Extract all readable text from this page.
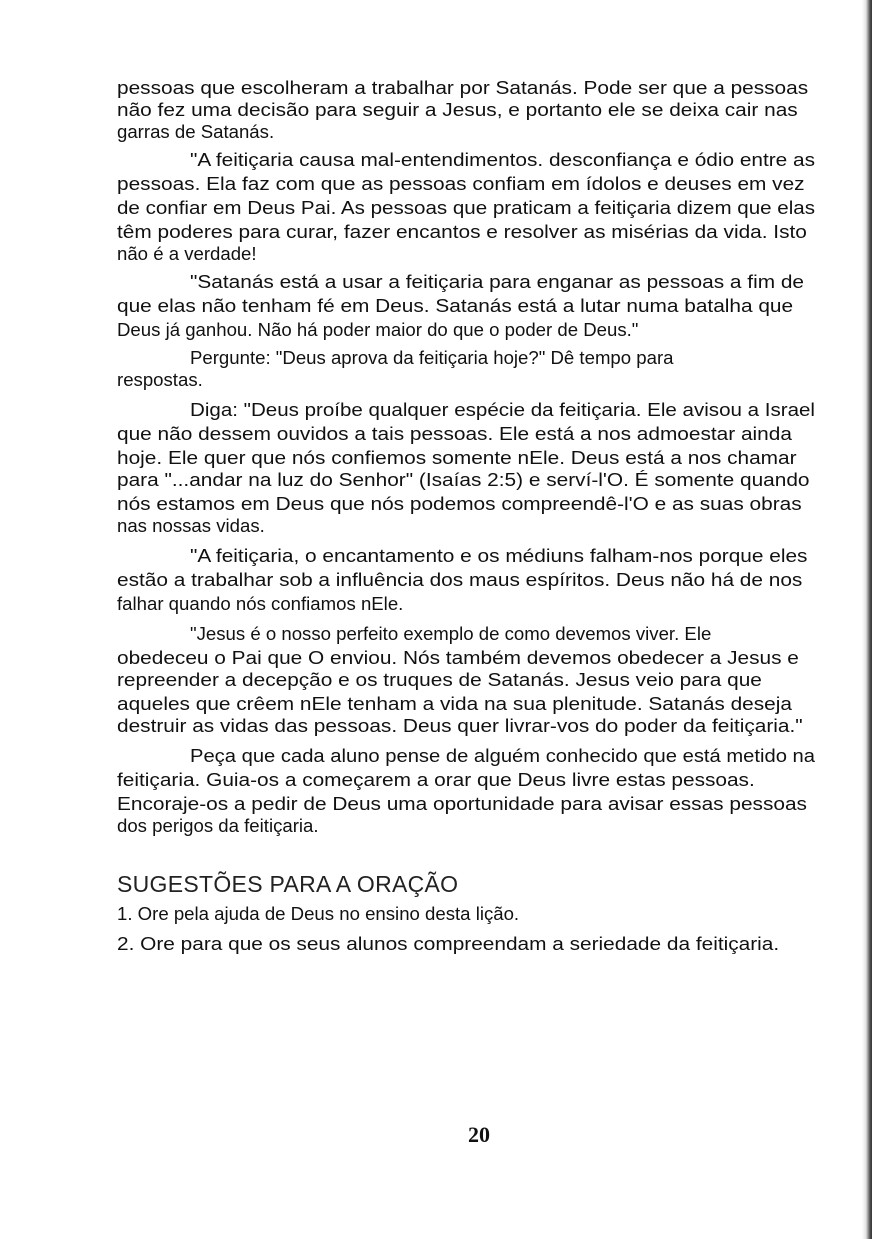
pessoas que escolheram a trabalhar por Satanás. Pode ser que a pessoas
não fez uma decisão para seguir a Jesus, e portanto ele se deixa cair nas
garras de Satanás.
"A feitiçaria causa mal-entendimentos. desconfiança e ódio entre as
pessoas. Ela faz com que as pessoas confiam em ídolos e deuses em vez
de confiar em Deus Pai. As pessoas que praticam a feitiçaria dizem que elas
têm poderes para curar, fazer encantos e resolver as misérias da vida. Isto
não é a verdade!
"Satanás está a usar a feitiçaria para enganar as pessoas a fim de
que elas não tenham fé em Deus. Satanás está a lutar numa batalha que
Deus já ganhou. Não há poder maior do que o poder de Deus."
Pergunte: "Deus aprova da feitiçaria hoje?" Dê tempo para
respostas.
Diga: "Deus proíbe qualquer espécie da feitiçaria. Ele avisou a Israel
que não dessem ouvidos a tais pessoas. Ele está a nos admoestar ainda
hoje. Ele quer que nós confiemos somente nEle. Deus está a nos chamar
para "...andar na luz do Senhor" (Isaías 2:5) e serví-l'O. É somente quando
nós estamos em Deus que nós podemos compreendê-l'O e as suas obras
nas nossas vidas.
"A feitiçaria, o encantamento e os médiuns falham-nos porque eles
estão a trabalhar sob a influência dos maus espíritos. Deus não há de nos
falhar quando nós confiamos nEle.
"Jesus é o nosso perfeito exemplo de como devemos viver. Ele
obedeceu o Pai que O enviou. Nós também devemos obedecer a Jesus e
repreender a decepção e os truques de Satanás. Jesus veio para que
aqueles que crêem nEle tenham a vida na sua plenitude. Satanás deseja
destruir as vidas das pessoas. Deus quer livrar-vos do poder da feitiçaria."
Peça que cada aluno pense de alguém conhecido que está metido na
feitiçaria. Guia-os a começarem a orar que Deus livre estas pessoas.
Encoraje-os a pedir de Deus uma oportunidade para avisar essas pessoas
dos perigos da feitiçaria.
SUGESTÕES PARA A ORAÇÃO
1. Ore pela ajuda de Deus no ensino desta lição.
2. Ore para que os seus alunos compreendam a seriedade da feitiçaria.
20
